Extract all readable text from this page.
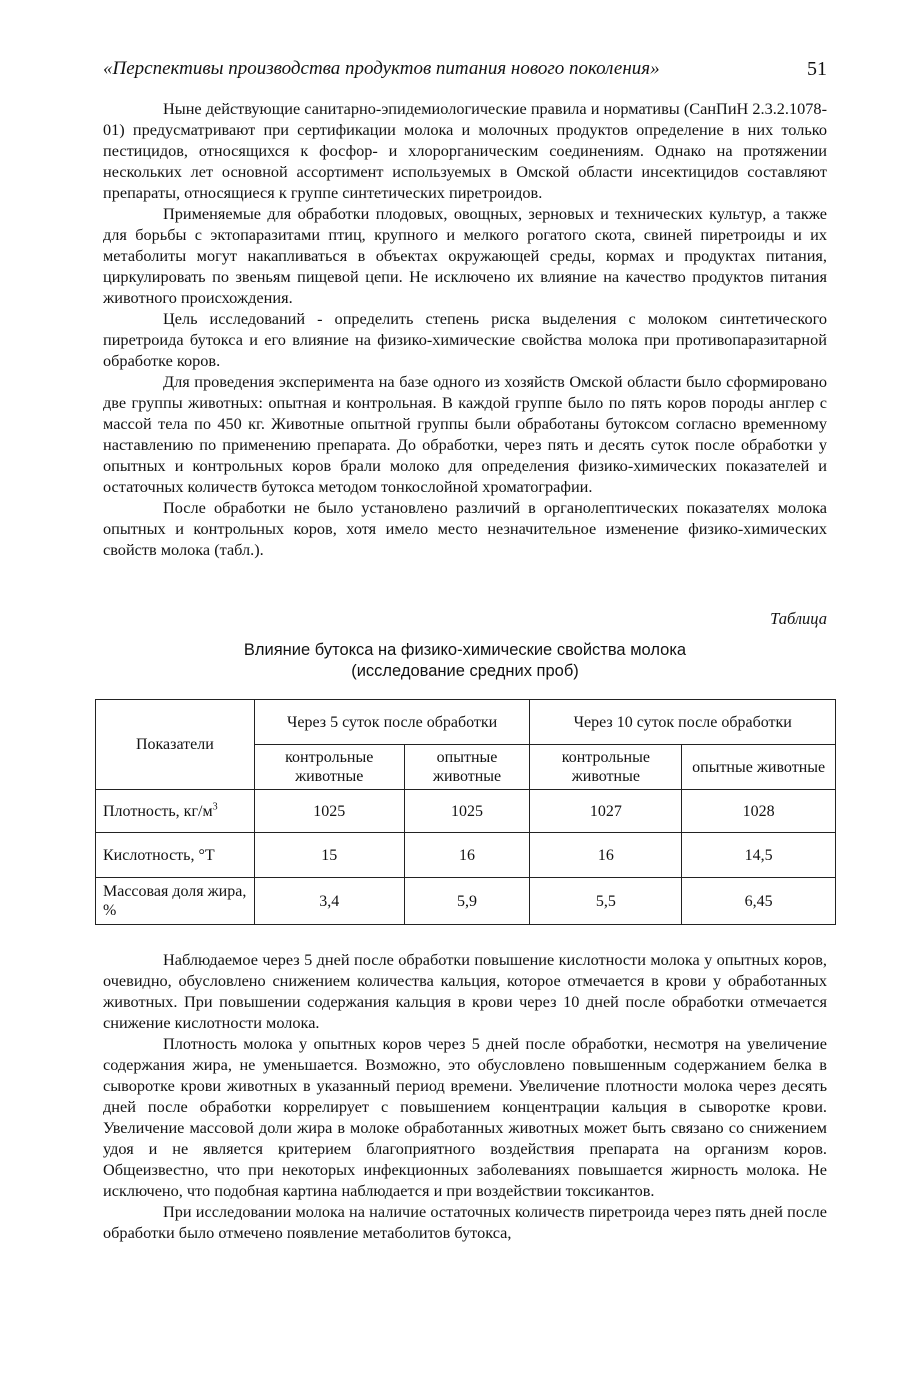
«Перспективы производства продуктов питания нового поколения»	51

Ныне действующие санитарно-эпидемиологические правила и нормативы (СанПиН 2.3.2.1078-01) предусматривают при сертификации молока и молочных продуктов определение в них только пестицидов, относящихся к фосфор- и хлорорганическим соединениям. Однако на протяжении нескольких лет основной ассортимент используемых в Омской области инсектицидов составляют препараты, относящиеся к группе синтетических пиретроидов.

Применяемые для обработки плодовых, овощных, зерновых и технических культур, а также для борьбы с эктопаразитами птиц, крупного и мелкого рогатого скота, свиней пиретроиды и их метаболиты могут накапливаться в объектах окружающей среды, кормах и продуктах питания, циркулировать по звеньям пищевой цепи. Не исключено их влияние на качество продуктов питания животного происхождения.

Цель исследований - определить степень риска выделения с молоком синтетического пиретроида бутокса и его влияние на физико-химические свойства молока при противопаразитарной обработке коров.

Для проведения эксперимента на базе одного из хозяйств Омской области было сформировано две группы животных: опытная и контрольная. В каждой группе было по пять коров породы англер с массой тела по 450 кг. Животные опытной группы были обработаны бутоксом согласно временному наставлению по применению препарата. До обработки, через пять и десять суток после обработки у опытных и контрольных коров брали молоко для определения физико-химических показателей и остаточных количеств бутокса методом тонкослойной хроматографии.

После обработки не было установлено различий в органолептических показателях молока опытных и контрольных коров, хотя имело место незначительное изменение физико-химических свойств молока (табл.).

Таблица
Влияние бутокса на физико-химические свойства молока
(исследование средних проб)
Показатели	Через 5 суток после обработки		Через 10 суток после обработки	
	контрольные животные	опытные животные	контрольные животные	опытные животные
Плотность, $кг/м^3$	1025	1025	1027	1028
Кислотность, °Т	15	16	16	14,5
Массовая доля жира, %	3,4	5,9	5,5	6,45

Наблюдаемое через 5 дней после обработки повышение кислотности молока у опытных коров, очевидно, обусловлено снижением количества кальция, которое отмечается в крови у обработанных животных. При повышении содержания кальция в крови через 10 дней после обработки отмечается снижение кислотности молока.

Плотность молока у опытных коров через 5 дней после обработки, несмотря на увеличение содержания жира, не уменьшается. Возможно, это обусловлено повышенным содержанием белка в сыворотке крови животных в указанный период времени. Увеличение плотности молока через десять дней после обработки коррелирует с повышением концентрации кальция в сыворотке крови. Увеличение массовой доли жира в молоке обработанных животных может быть связано со снижением удоя и не является критерием благоприятного воздействия препарата на организм коров. Общеизвестно, что при некоторых инфекционных заболеваниях повышается жирность молока. Не исключено, что подобная картина наблюдается и при воздействии токсикантов.

При исследовании молока на наличие остаточных количеств пиретроида через пять дней после обработки было отмечено появление метаболитов бутокса,
